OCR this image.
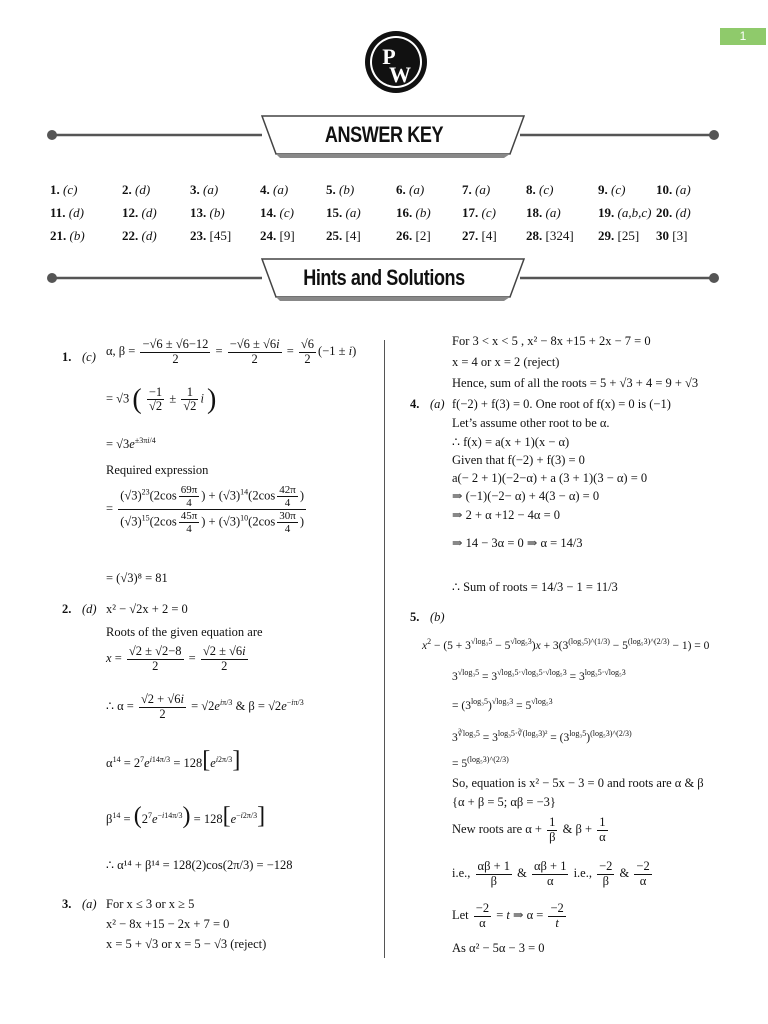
1
P
W
ANSWER KEY
1. (c)	2. (d)	3. (a)	4. (a)	5. (b)	6. (a)	7. (a)	8. (c)	9. (c) 10. (a)
11. (d)	12. (d)	13. (b)	14. (c) 15. (a)	16. (b) 17. (c) 18. (a)	19. (a,b,c) 20. (d)
21. (b)	22. (d)	23. [45] 24. [9] 25. [4]	26. [2] 27. [4] 28. [324] 29. [25] 30 [3]
Hints and Solutions
1. (c) α, $\beta = \frac{-√6 \pm √6-12}{2} = \frac{-√6 \pm √6i}{2} = \frac{√6}{2} (-1 \pm i)$
= √3 ( $\frac{-1}{√2} \pm \frac{1}{√2}$ i )
= $√3e^{\pm 3\pi i/4}$
Required expression
= $\frac{(√3)^{23}(2\cos \frac{69\pi}{4} ) + (√3)^{14}(2\cos \frac{42\pi}{4} )}{(√3)^{15}(2\cos \frac{45\pi}{4} ) + (√3)^{10}(2\cos \frac{30\pi}{4} )}$
= (√3)⁸ = 81
2. (d) x² − √2x + 2 = 0
Roots of the given equation are
$x = \frac{√2 \pm √2-8}{2} = \frac{√2 \pm √6i}{2}$
∴ $\alpha = \frac{√2 + √6i}{2} = √2e^{i\pi/3}$ & $\beta = √2e^{-i\pi/3}$
$\alpha^{14} = 2^7e^{i14\pi/3} = 128[e^{i2\pi/3}]$
$\beta^{14} = (2^7e^{-i14\pi/3}) = 128[e^{-i2\pi/3}]$
∴ α¹⁴ + β¹⁴ = 128(2)cos(2π/3) = −128
3. (a) For x ≤ 3 or x ≥ 5
x² − 8x +15 − 2x + 7 = 0
x = 5 + √3 or x = 5 − √3 (reject)
For 3 < x < 5 , x² − 8x +15 + 2x − 7 = 0
x = 4 or x = 2 (reject)
Hence, sum of all the roots = 5 + √3 + 4 = 9 + √3
4. (a) f(−2) + f(3) = 0. One root of f(x) = 0 is (−1)
Let’s assume other root to be α.
∴ f(x) = a(x + 1)(x − α)
Given that f(−2) + f(3) = 0
a(− 2 + 1)(−2−α) + a (3 + 1)(3 − α) = 0
⇒ (−1)(−2− α) + 4(3 − α) = 0
⇒ 2 + α +12 − 4α = 0
⇒ 14 − 3α = 0 ⇒ α = 14/3
∴ Sum of roots = 14/3 − 1 = 11/3
5. (b)
$x^2 - (5 + 3^{√log_35} - 5^{√log_53})x + 3(3^{(log_35)\^{}(1/3)} - 5^{(log_53)\^{}(2/3)} - 1) = 0$
$3^{√log_35} = 3^{√log_35\cdot√log_35\cdot√log_53} = 3^{log_35\cdot√log_53}$
= $(3^{log_35})^{√log_53} = 5^{√log_53}$
$3^{∛log_35} = 3^{log_35\cdot∛(log_53)^2} = (3^{log_35})^{(log_53)\^{}(2/3)}$
= $5^{(log_53)\^{}(2/3)}$
So, equation is x² − 5x − 3 = 0 and roots are α & β
{α + β = 5; αβ = −3}
New roots are $\alpha + \frac{1}{\beta}$ & $\beta + \frac{1}{\alpha}$
i.e., $\frac{\alpha\beta + 1}{\beta}$ & $\frac{\alpha\beta + 1}{\alpha} i.e$., $\frac{-2}{\beta}$ & $\frac{-2}{\alpha}$
Let $\frac{-2}{\alpha} = t$ ⇒ $\alpha = \frac{-2}{t}$
As α² − 5α − 3 = 0
